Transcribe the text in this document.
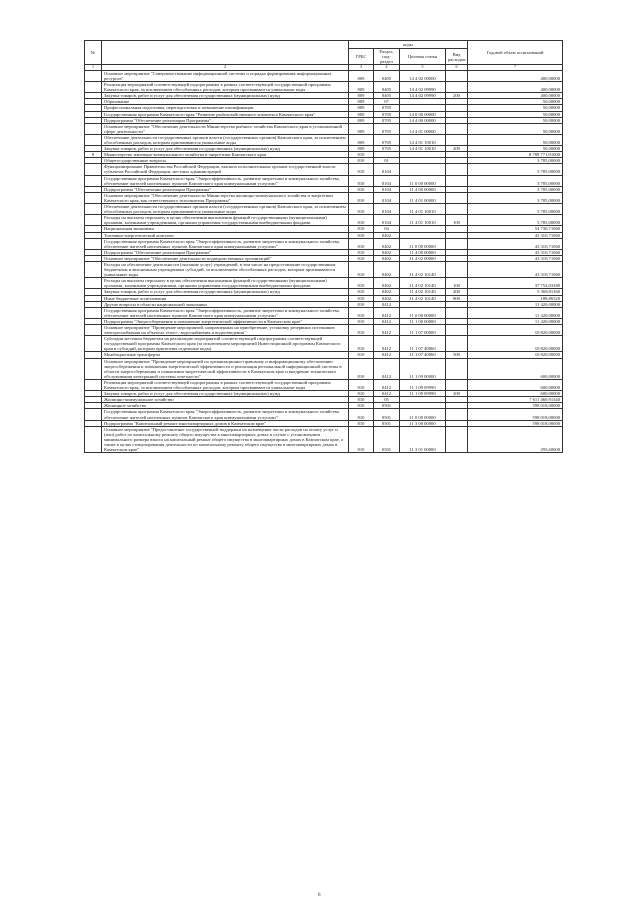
№		коды				Годовой объем ассигнований
		ГРБС	Раздел, под-раздел	Целевая статья	Вид расходов	
1	2	3	4	5	6	7
	Основное мероприятие "Совершенствование информационной системы и порядка формирования информационных ресурсов"	809	0405	14 4 02 00000		400,00000
	Реализация мероприятий соответствующей подпрограммы в рамках соответствующей государственной программы Камчатского края, за исключением обособленных расходов, которым присваиваются уникальные коды	809	0405	14 4 02 09990		400,00000
	Закупка товаров, работ и услуг для обеспечения государственных (муниципальных) нужд	809	0405	14 4 02 09990	200	400,00000
	Образование	809	07			50,00000
	Профессиональная подготовка, переподготовка и повышение квалификации	809	0705			50,00000
	Государственная программа Камчатского края "Развитие рыбохозяйственного комплекса Камчатского края"	809	0705	14 0 00 00000		50,00000
	Подпрограмма "Обеспечение реализации Программы"	809	0705	14 4 00 00000		50,00000
	Основное мероприятие "Обеспечение деятельности Министерства рыбного хозяйства Камчатского края в установленной сфере деятельности"	809	0705	14 4 01 00000		50,00000
	Обеспечение деятельности государственных органов власти (государственных органов) Камчатского края, за исключением обособленных расходов, которым присваиваются уникальные коды	809	0705	14 4 01 10010		50,00000
	Закупка товаров, работ и услуг для обеспечения государственных (муниципальных) нужд	809	0705	14 4 01 10010	200	50,00000
8	Министерство жилищно-коммунального хозяйства и энергетики Камчатского края	810				8 789 771,01000
	Общегосударственные вопросы	810	01			3 785,00000
	Функционирование Правительства Российской Федерации, высших исполнительных органов государственной власти субъектов Российской Федерации, местных администраций	810	0104			3 785,00000
	Государственная программа Камчатского края "Энергоэффективность, развитие энергетики и коммунального хозяйства, обеспечение жителей населенных пунктов Камчатского края коммунальными услугами"	810	0104	11 0 00 00000		3 785,00000
	Подпрограмма "Обеспечение реализации Программы"	810	0104	11 4 00 00000		3 785,00000
	Основное мероприятие "Обеспечение деятельности Министерства жилищно-коммунального хозяйства и энергетики Камчатского края, как ответственного исполнителя Программы"	810	0104	11 4 01 00000		3 785,00000
	Обеспечение деятельности государственных органов власти (государственных органов) Камчатского края, за исключением обособленных расходов, которым присваиваются уникальные коды	810	0104	11 4 01 10010		3 785,00000
	Расходы на выплаты персоналу в целях обеспечения выполнения функций государственными (муниципальными) органами, казенными учреждениями, органами управления государственными внебюджетными фондами	810	0104	11 4 01 10010	100	3 785,00000
	Национальная экономика	810	04			54 730,71060
	Топливно-энергетический комплекс	810	0402			43 310,71060
	Государственная программа Камчатского края "Энергоэффективность, развитие энергетики и коммунального хозяйства, обеспечение жителей населенных пунктов Камчатского края коммунальными услугами"	810	0402	11 0 00 00000		43 310,71060
	Подпрограмма "Обеспечение реализации Программы"	810	0402	11 4 00 00000		43 310,71060
	Основное мероприятие "Обеспечение деятельности подведомственных организаций"	810	0402	11 4 02 00000		43 310,71060
	Расходы на обеспечение деятельности (оказание услуг) учреждений, в том числе на предоставление государственным бюджетным и автономным учреждениям субсидий, за исключением обособленных расходов, которым присваиваются уникальные коды	810	0402	11 4 02 10140		43 310,71060
	Расходы на выплаты персоналу в целях обеспечения выполнения функций государственными (муниципальными) органами, казенными учреждениями, органами управления государственными внебюджетными фондами	810	0402	11 4 02 10140	100	37 752,03380
	Закупка товаров, работ и услуг для обеспечения государственных (муниципальных) нужд	810	0402	11 4 02 10140	200	5 369,81360
	Иные бюджетные ассигнования	810	0402	11 4 02 10140	800	188,86320
	Другие вопросы в области национальной экономики	810	0412			11 420,00000
	Государственная программа Камчатского края "Энергоэффективность, развитие энергетики и коммунального хозяйства, обеспечение жителей населенных пунктов Камчатского края коммунальными услугами"	810	0412	11 0 00 00000		11 420,00000
	Подпрограмма "Энергосбережение и повышение энергетической эффективности в Камчатском крае"	810	0412	11 1 00 00000		11 420,00000
	Основное мероприятие "Проведение мероприятий, направленных на приобретение, установку резервных источников электроснабжения на объектах тепло-, водоснабжения и водоотведения"	810	0412	11 1 07 00000		10 820,00000
	Субсидии местным бюджетам на реализацию мероприятий соответствующей подпрограммы соответствующей государственной программы Камчатского края (за исключением мероприятий Инвестиционной программы Камчатского края и субсидий, которым присвоены отдельные коды)	810	0412	11 1 07 40060		10 820,00000
	Межбюджетные трансферты	810	0412	11 1 07 40060	500	10 820,00000
	Основное мероприятие "Проведение мероприятий по организационно-правовому и информационному обеспечению энергосбережения и повышения энергетической эффективности и реализация региональной информационной системы в области энергосбережения и повышения энергетической эффективности в Камчатском крае и внедрение технического обслуживания электронной системы отчетности"	810	0412	11 1 09 00000		600,00000
	Реализация мероприятий соответствующей подпрограммы в рамках соответствующей государственной программы Камчатского края, за исключением обособленных расходов, которым присваиваются уникальные коды	810	0412	11 1 09 09990		600,00000
	Закупка товаров, работ и услуг для обеспечения государственных (муниципальных) нужд	810	0412	11 1 09 09990	200	600,00000
	Жилищно-коммунальное хозяйство	810	05			7 611 460,91340
	Жилищное хозяйство	810	0501			598 018,00000
	Государственная программа Камчатского края "Энергоэффективность, развитие энергетики и коммунального хозяйства, обеспечение жителей населенных пунктов Камчатского края коммунальными услугами"	810	0501	11 0 00 00000		598 018,00000
	Подпрограмма "Капитальный ремонт многоквартирных домов в Камчатском крае"	810	0501	11 3 00 00000		598 018,00000
	Основное мероприятие "Предоставление государственной поддержки на возмещение части расходов на оплату услуг и (или) работ по капитальному ремонту общего имущества в многоквартирных домах в случае с установлением минимального размера взноса на капитальный ремонт общего имущества в многоквартирных домах в Камчатском крае, а также в целях стимулирования деятельности по капитальному ремонту общего имущества в многоквартирных домах в Камчатском крае"	810	0501	11 3 01 00000		295,60600
6
